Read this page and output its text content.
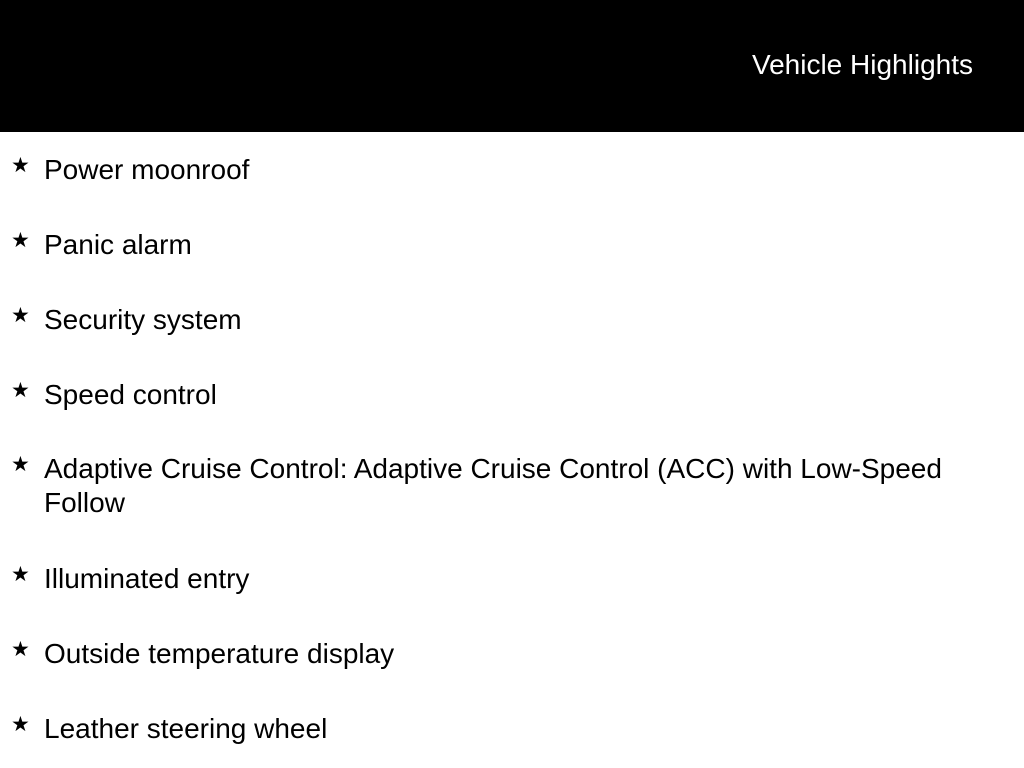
Vehicle Highlights
★ Power moonroof
★ Panic alarm
★ Security system
★ Speed control
★ Adaptive Cruise Control: Adaptive Cruise Control (ACC) with Low-Speed Follow
★ Illuminated entry
★ Outside temperature display
★ Leather steering wheel
